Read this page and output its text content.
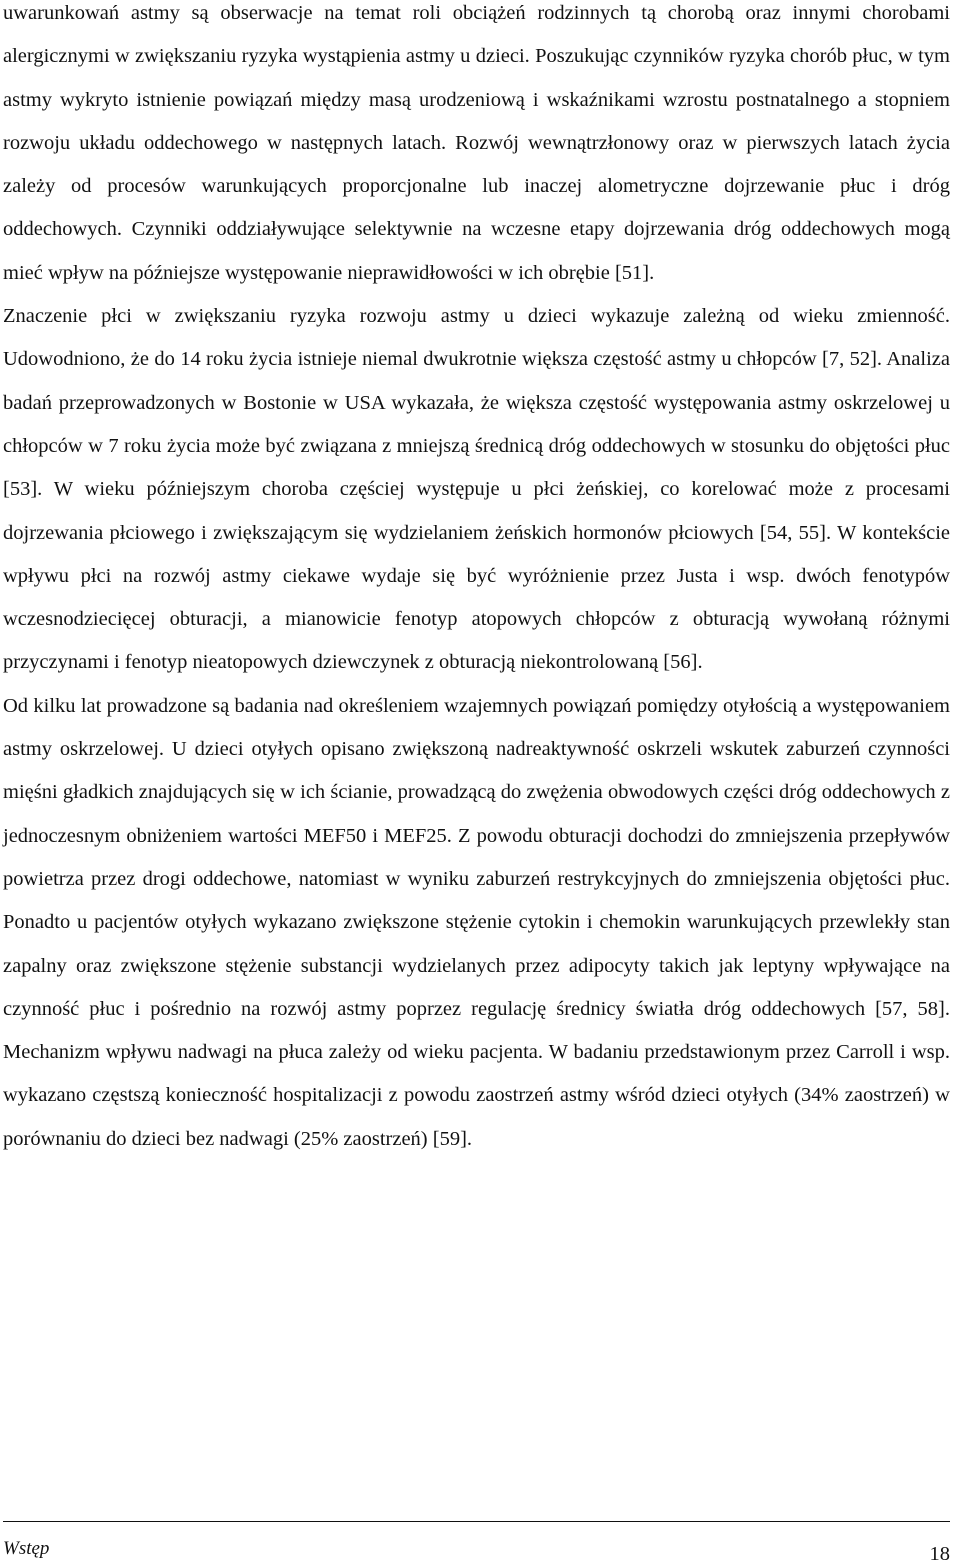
uwarunkowań astmy są obserwacje na temat roli obciążeń rodzinnych tą chorobą oraz innymi chorobami alergicznymi w zwiększaniu ryzyka wystąpienia astmy u dzieci. Poszukując czynników ryzyka chorób płuc, w tym astmy wykryto istnienie powiązań między masą urodzeniową i wskaźnikami wzrostu postnatalnego a stopniem rozwoju układu oddechowego w następnych latach. Rozwój wewnątrzłonowy oraz w pierwszych latach życia zależy od procesów warunkujących proporcjonalne lub inaczej alometryczne dojrzewanie płuc i dróg oddechowych. Czynniki oddziaływujące selektywnie na wczesne etapy dojrzewania dróg oddechowych mogą mieć wpływ na późniejsze występowanie nieprawidłowości w ich obrębie [51].

Znaczenie płci w zwiększaniu ryzyka rozwoju astmy u dzieci wykazuje zależną od wieku zmienność. Udowodniono, że do 14 roku życia istnieje niemal dwukrotnie większa częstość astmy u chłopców [7, 52]. Analiza badań przeprowadzonych w Bostonie w USA wykazała, że większa częstość występowania astmy oskrzelowej u chłopców w 7 roku życia może być związana z mniejszą średnicą dróg oddechowych w stosunku do objętości płuc [53]. W wieku późniejszym choroba częściej występuje u płci żeńskiej, co korelować może z procesami dojrzewania płciowego i zwiększającym się wydzielaniem żeńskich hormonów płciowych [54, 55]. W kontekście wpływu płci na rozwój astmy ciekawe wydaje się być wyróżnienie przez Justa i wsp. dwóch fenotypów wczesnodziecięcej obturacji, a mianowicie fenotyp atopowych chłopców z obturacją wywołaną różnymi przyczynami i fenotyp nieatopowych dziewczynek z obturacją niekontrolowaną [56].

Od kilku lat prowadzone są badania nad określeniem wzajemnych powiązań pomiędzy otyłością a występowaniem astmy oskrzelowej. U dzieci otyłych opisano zwiększoną nadreaktywność oskrzeli wskutek zaburzeń czynności mięśni gładkich znajdujących się w ich ścianie, prowadzącą do zwężenia obwodowych części dróg oddechowych z jednoczesnym obniżeniem wartości MEF50 i MEF25. Z powodu obturacji dochodzi do zmniejszenia przepływów powietrza przez drogi oddechowe, natomiast w wyniku zaburzeń restrykcyjnych do zmniejszenia objętości płuc. Ponadto u pacjentów otyłych wykazano zwiększone stężenie cytokin i chemokin warunkujących przewlekły stan zapalny oraz zwiększone stężenie substancji wydzielanych przez adipocyty takich jak leptyny wpływające na czynność płuc i pośrednio na rozwój astmy poprzez regulację średnicy światła dróg oddechowych [57, 58]. Mechanizm wpływu nadwagi na płuca zależy od wieku pacjenta. W badaniu przedstawionym przez Carroll i wsp. wykazano częstszą konieczność hospitalizacji z powodu zaostrzeń astmy wśród dzieci otyłych (34% zaostrzeń) w porównaniu do dzieci bez nadwagi (25% zaostrzeń) [59].

Wstęp	18
